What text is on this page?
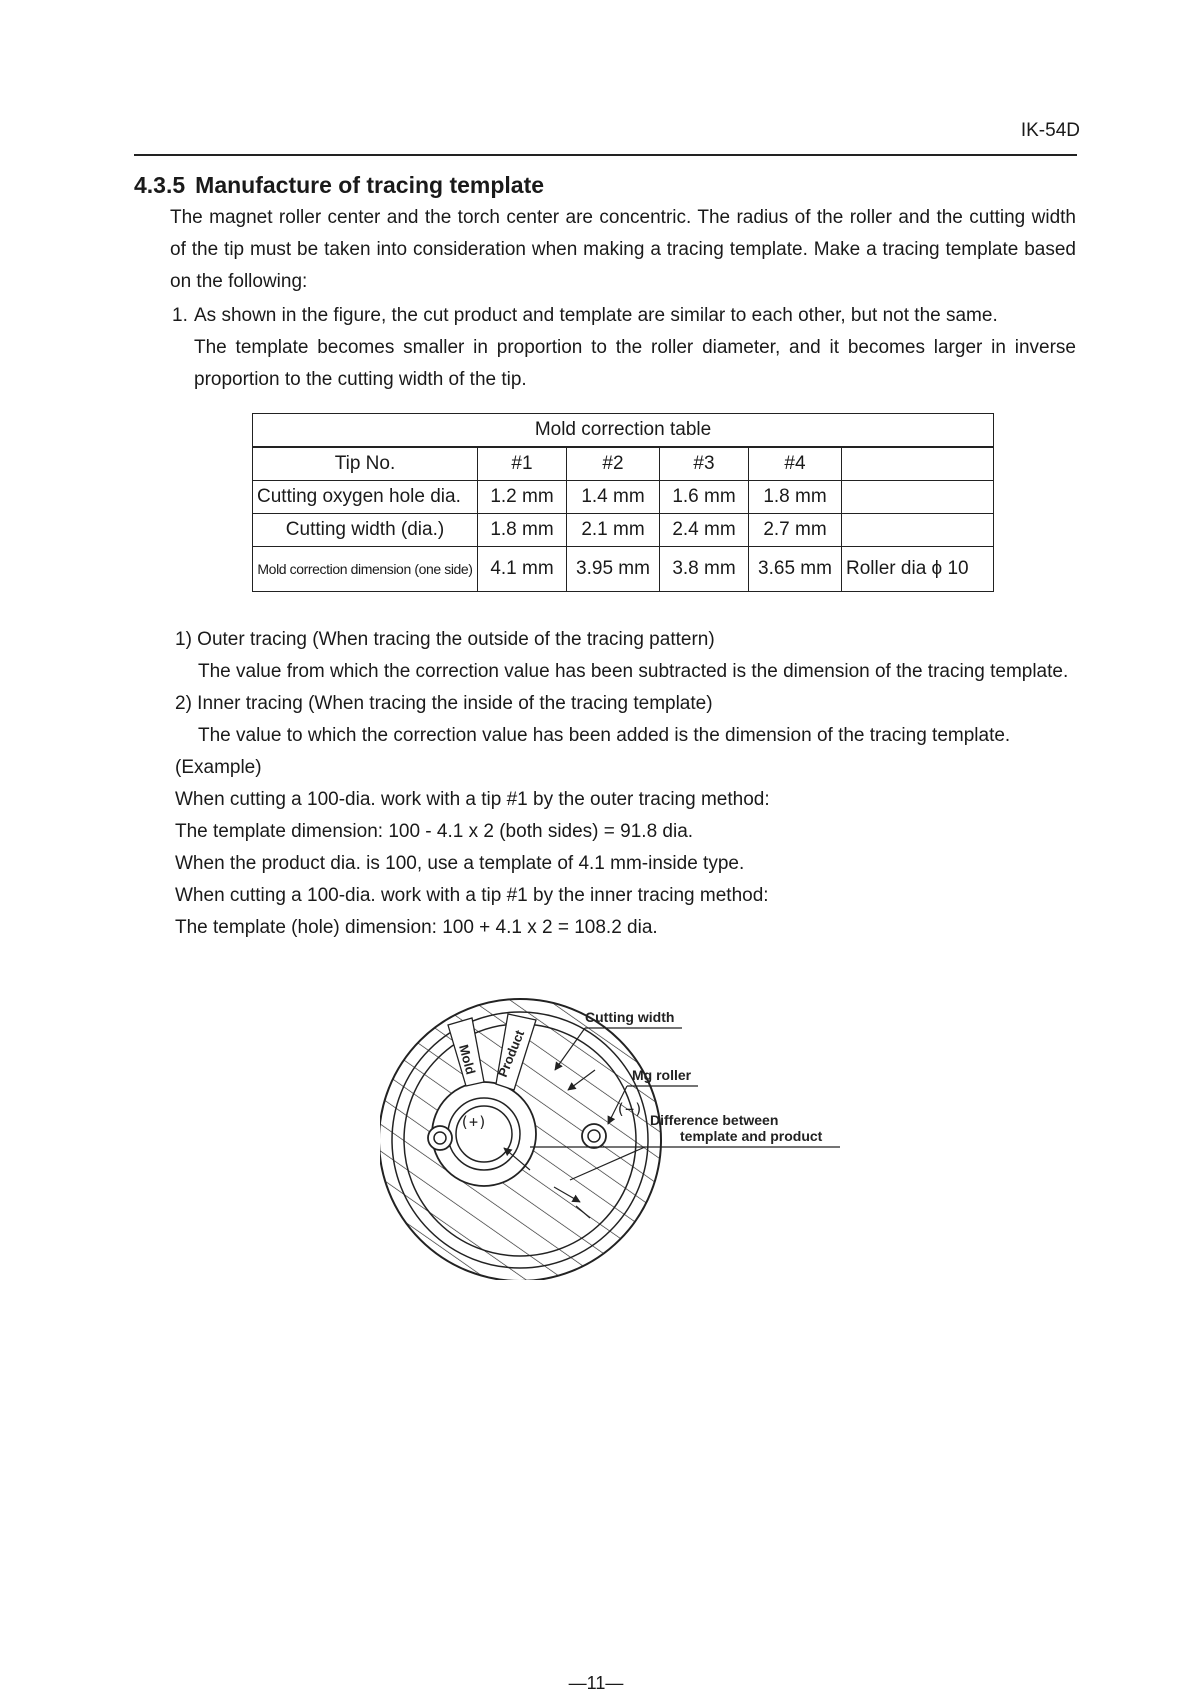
IK-54D
4.3.5 Manufacture of tracing template

The magnet roller center and the torch center are concentric. The radius of the roller and the cutting width of the tip must be taken into consideration when making a tracing template. Make a tracing template based on the following:

1. As shown in the figure, the cut product and template are similar to each other, but not the same.
The template becomes smaller in proportion to the roller diameter, and it becomes larger in inverse proportion to the cutting width of the tip.
Mold correction table					
Tip No.	#1	#2	#3	#4	
Cutting oxygen hole dia.	1.2 mm	1.4 mm	1.6 mm	1.8 mm	
Cutting width (dia.)	1.8 mm	2.1 mm	2.4 mm	2.7 mm	
Mold correction dimension (one side)	4.1 mm	3.95 mm	3.8 mm	3.65 mm	Roller dia ϕ 10
1) Outer tracing (When tracing the outside of the tracing pattern)
The value from which the correction value has been subtracted is the dimension of the tracing template.
2) Inner tracing (When tracing the inside of the tracing template)
The value to which the correction value has been added is the dimension of the tracing template.
(Example)
When cutting a 100-dia. work with a tip #1 by the outer tracing method:
The template dimension: 100 - 4.1 x 2 (both sides) = 91.8 dia.
When the product dia. is 100, use a template of 4.1 mm-inside type.
When cutting a 100-dia. work with a tip #1 by the inner tracing method:
The template (hole) dimension: 100 + 4.1 x 2 = 108.2 dia.
Mold Product
(+)
Cutting width
Mg roller
(−)
Difference between
template and product
—11—
